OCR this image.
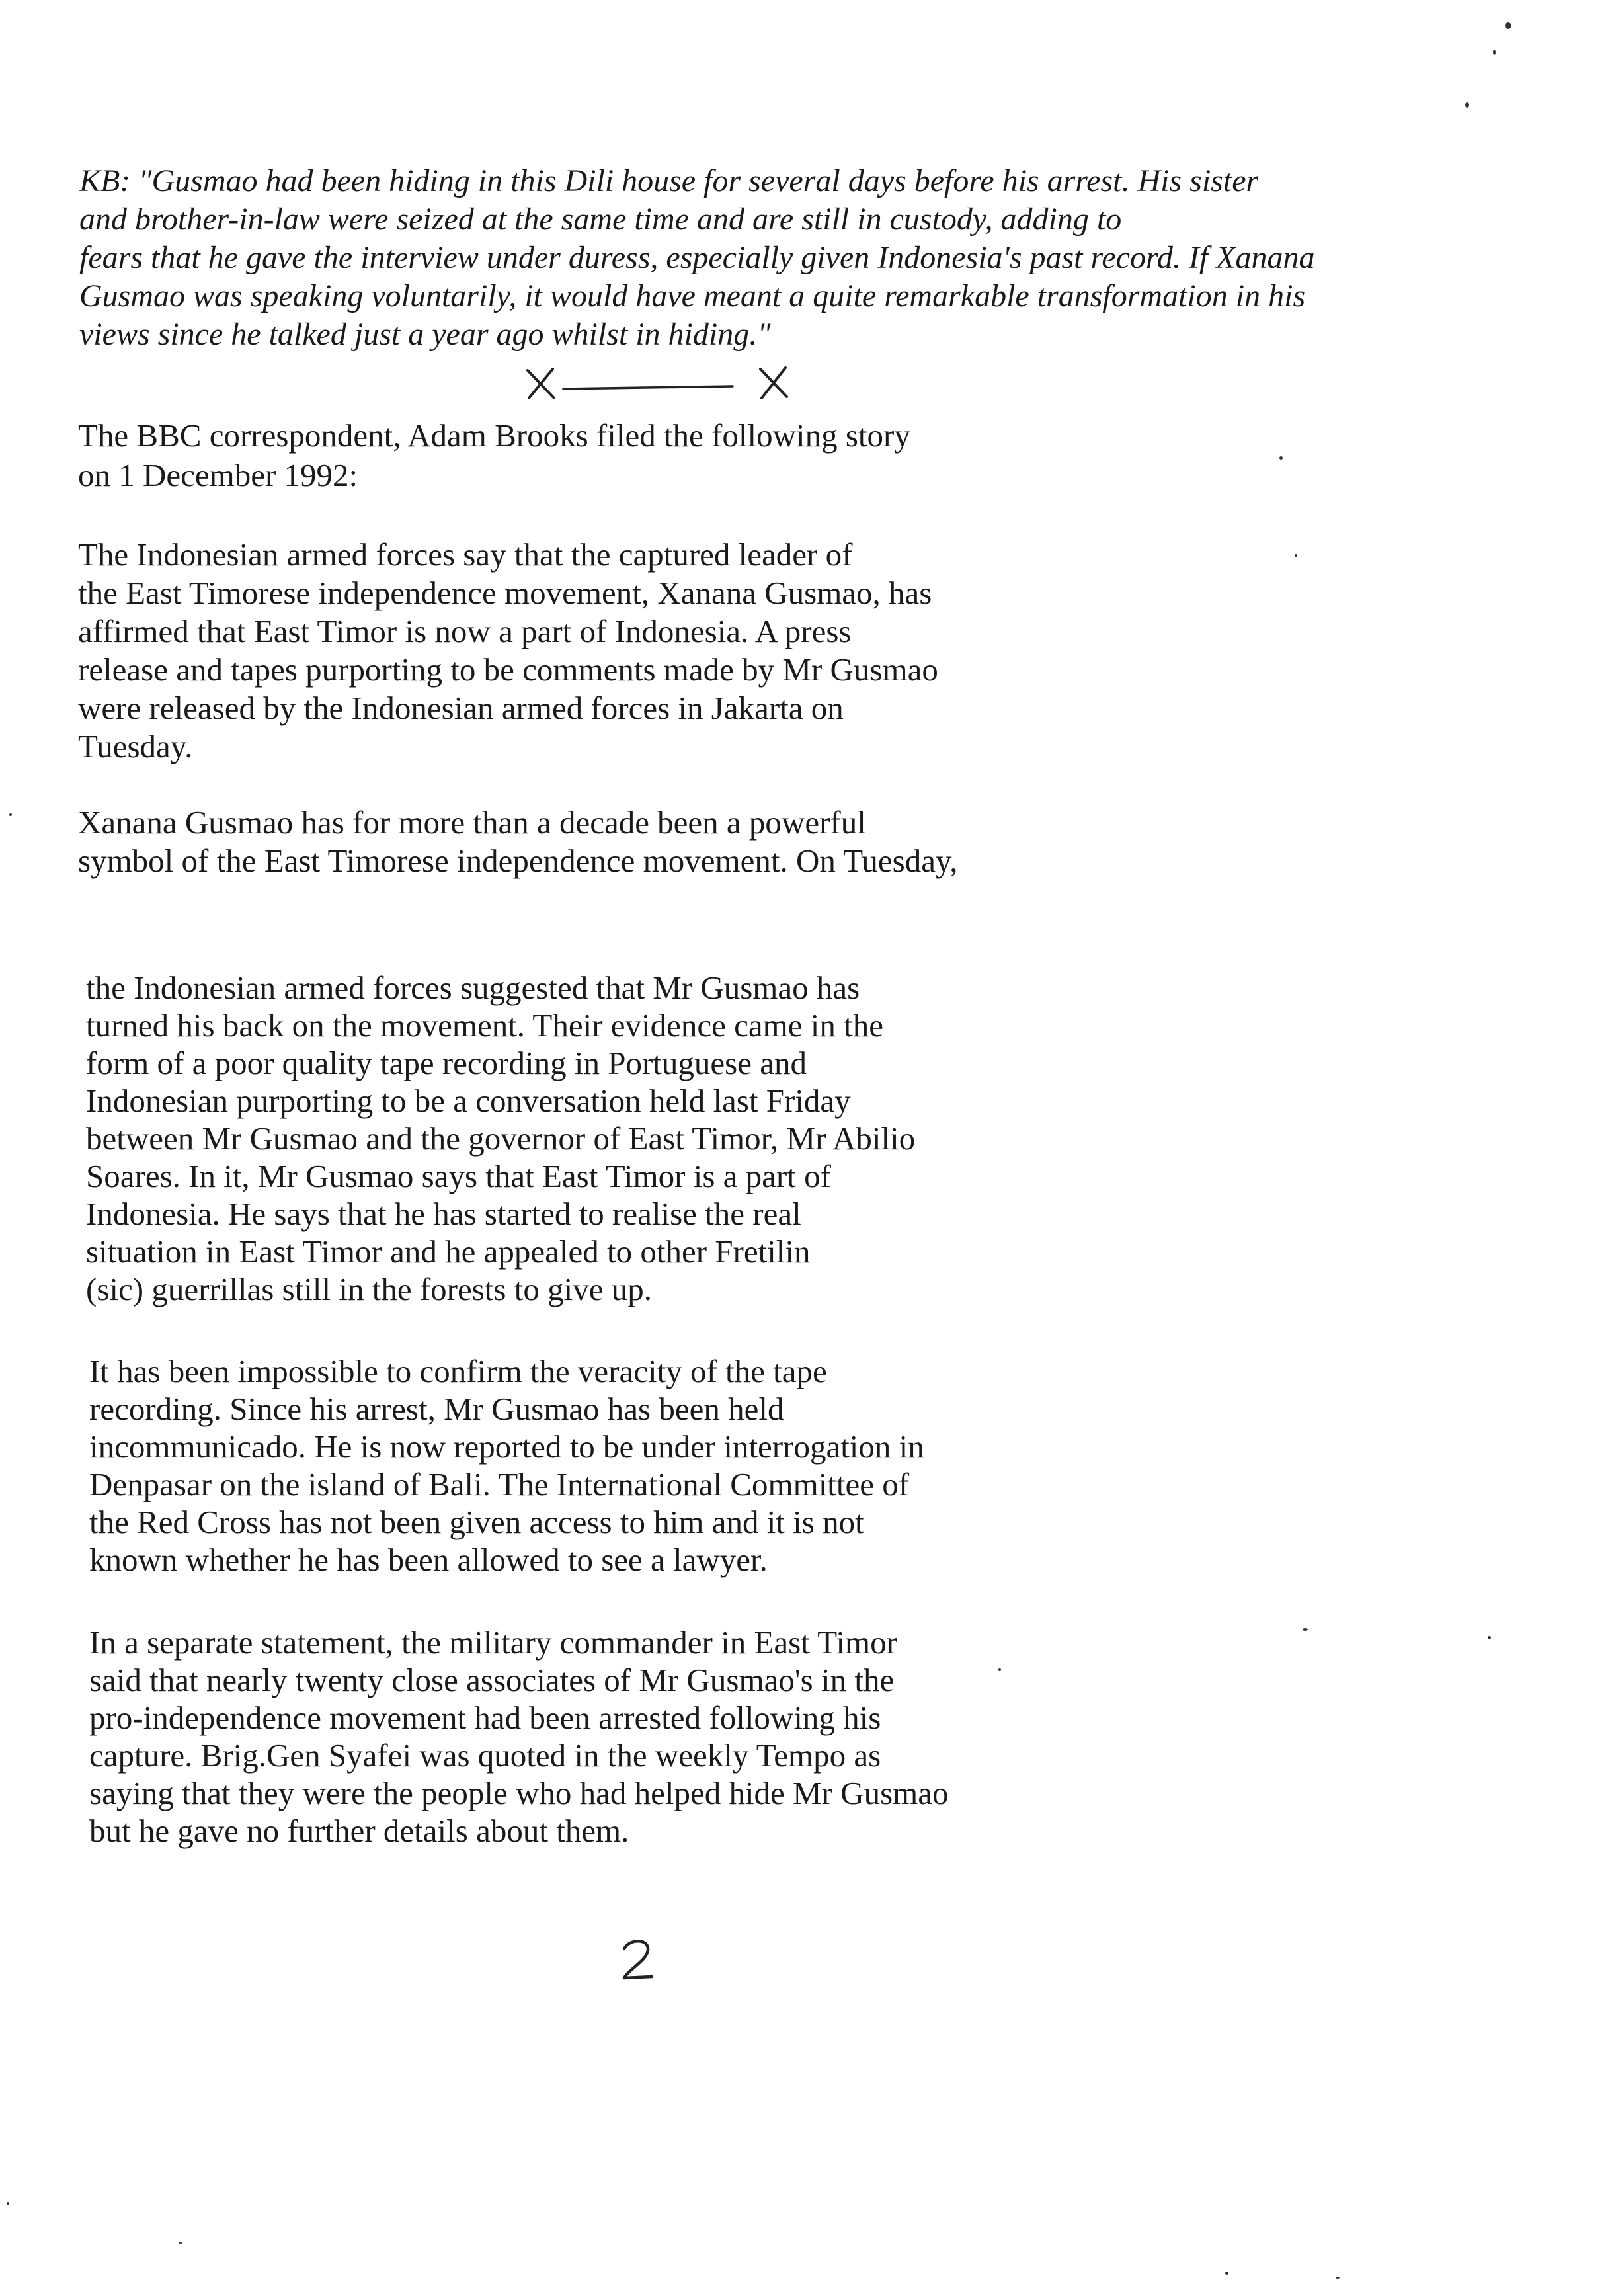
KB: "Gusmao had been hiding in this Dili house for several days before his arrest. His sister
and brother-in-law were seized at the same time and are still in custody, adding to
fears that he gave the interview under duress, especially given Indonesia's past record. If Xanana
Gusmao was speaking voluntarily, it would have meant a quite remarkable transformation in his
views since he talked just a year ago whilst in hiding."
The BBC correspondent, Adam Brooks filed the following story
on 1 December 1992:
The Indonesian armed forces say that the captured leader of
the East Timorese independence movement, Xanana Gusmao, has
affirmed that East Timor is now a part of Indonesia. A press
release and tapes purporting to be comments made by Mr Gusmao
were released by the Indonesian armed forces in Jakarta on
Tuesday.
Xanana Gusmao has for more than a decade been a powerful
symbol of the East Timorese independence movement. On Tuesday,
the Indonesian armed forces suggested that Mr Gusmao has
turned his back on the movement. Their evidence came in the
form of a poor quality tape recording in Portuguese and
Indonesian purporting to be a conversation held last Friday
between Mr Gusmao and the governor of East Timor, Mr Abilio
Soares. In it, Mr Gusmao says that East Timor is a part of
Indonesia. He says that he has started to realise the real
situation in East Timor and he appealed to other Fretilin
(sic) guerrillas still in the forests to give up.
It has been impossible to confirm the veracity of the tape
recording. Since his arrest, Mr Gusmao has been held
incommunicado. He is now reported to be under interrogation in
Denpasar on the island of Bali. The International Committee of
the Red Cross has not been given access to him and it is not
known whether he has been allowed to see a lawyer.
In a separate statement, the military commander in East Timor
said that nearly twenty close associates of Mr Gusmao's in the
pro-independence movement had been arrested following his
capture. Brig.Gen Syafei was quoted in the weekly Tempo as
saying that they were the people who had helped hide Mr Gusmao
but he gave no further details about them.
